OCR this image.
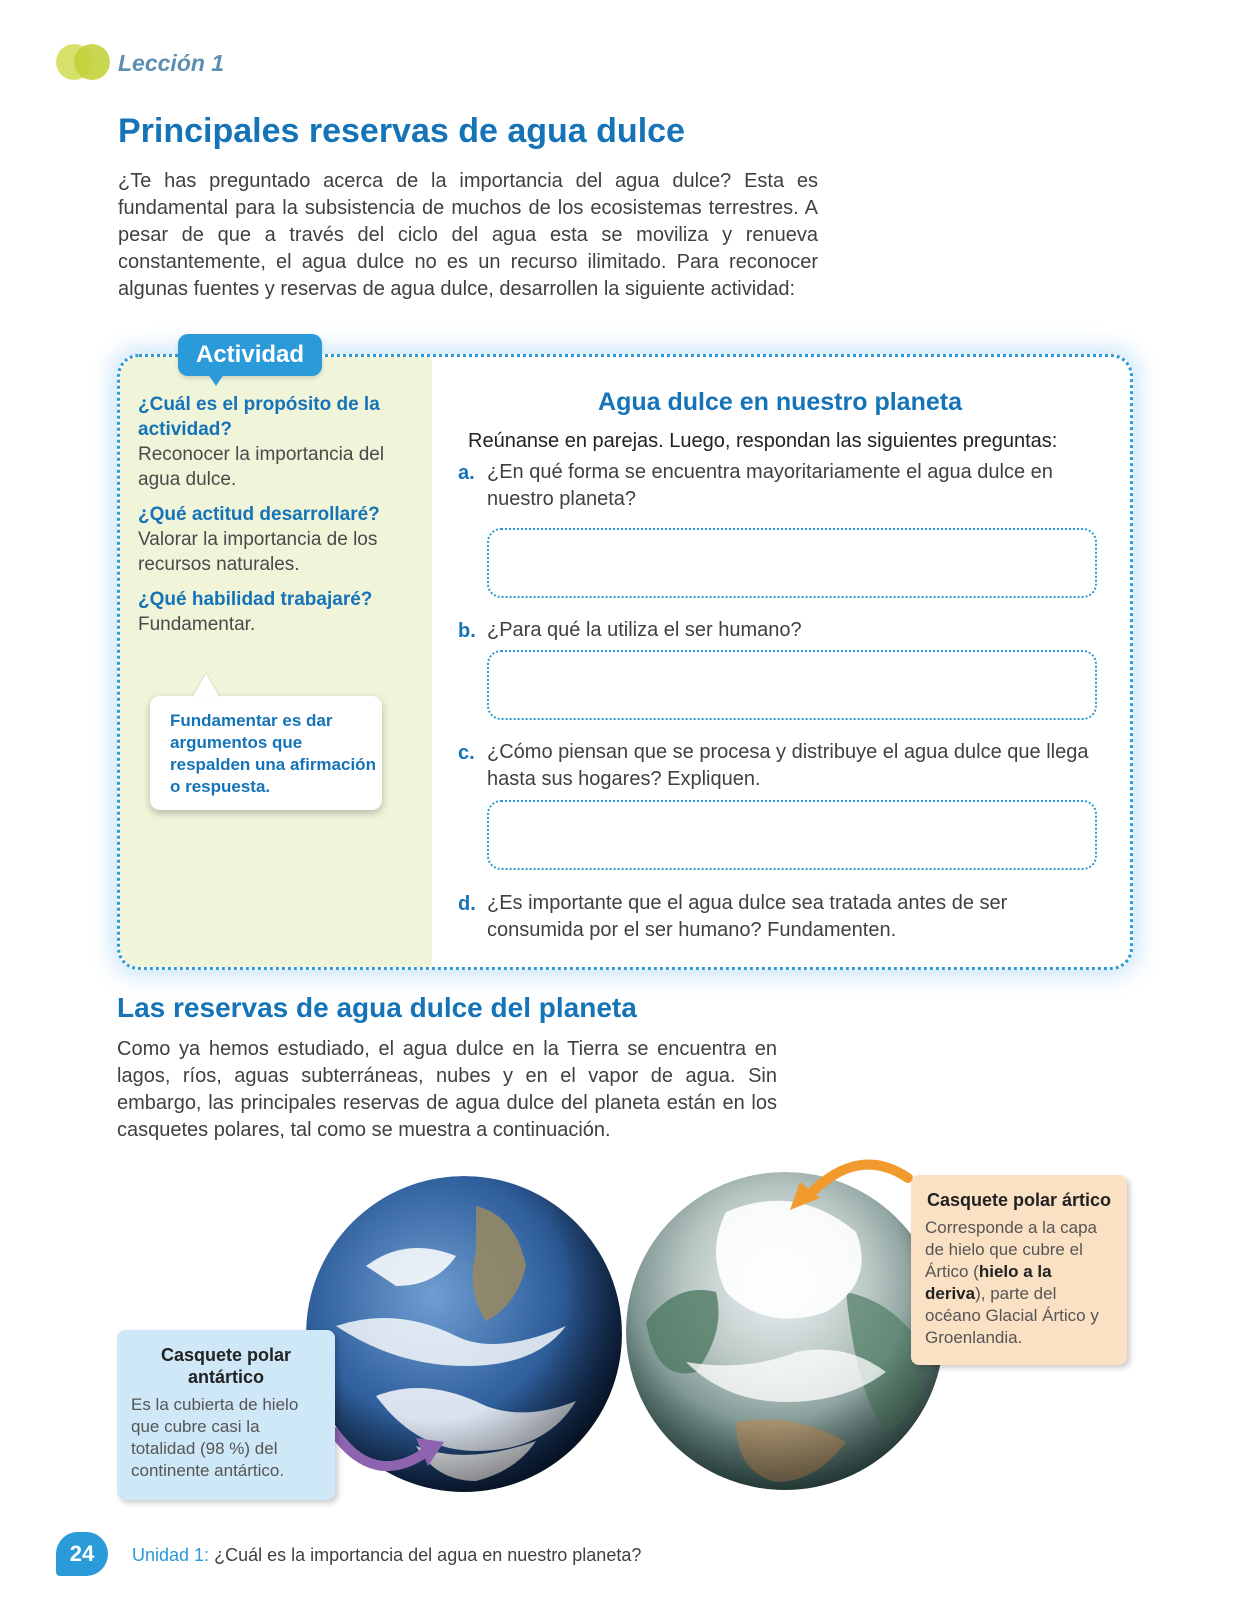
Lección 1
Principales reservas de agua dulce

¿Te has preguntado acerca de la importancia del agua dulce? Esta es fundamental para la subsistencia de muchos de los ecosistemas terrestres. A pesar de que a través del ciclo del agua esta se moviliza y renueva constantemente, el agua dulce no es un recurso ilimitado. Para reconocer algunas fuentes y reservas de agua dulce, desarrollen la siguiente actividad:

Actividad

¿Cuál es el propósito de la actividad?

Reconocer la importancia del agua dulce.

¿Qué actitud desarrollaré?

Valorar la importancia de los recursos naturales.

¿Qué habilidad trabajaré?

Fundamentar.

Fundamentar es dar argumentos que respalden una afirmación o respuesta.

Agua dulce en nuestro planeta

Reúnanse en parejas. Luego, respondan las siguientes preguntas:

a. ¿En qué forma se encuentra mayoritariamente el agua dulce en nuestro planeta?

b. ¿Para qué la utiliza el ser humano?

c. ¿Cómo piensan que se procesa y distribuye el agua dulce que llega hasta sus hogares? Expliquen.

d. ¿Es importante que el agua dulce sea tratada antes de ser consumida por el ser humano? Fundamenten.

Las reservas de agua dulce del planeta

Como ya hemos estudiado, el agua dulce en la Tierra se encuentra en lagos, ríos, aguas subterráneas, nubes y en el vapor de agua. Sin embargo, las principales reservas de agua dulce del planeta están en los casquetes polares, tal como se muestra a continuación.

Casquete polar antártico

Es la cubierta de hielo que cubre casi la totalidad (98 %) del continente antártico.

Casquete polar ártico

Corresponde a la capa de hielo que cubre el Ártico (hielo a la deriva), parte del océano Glacial Ártico y Groenlandia.

24	Unidad 1: ¿Cuál es la importancia del agua en nuestro planeta?
